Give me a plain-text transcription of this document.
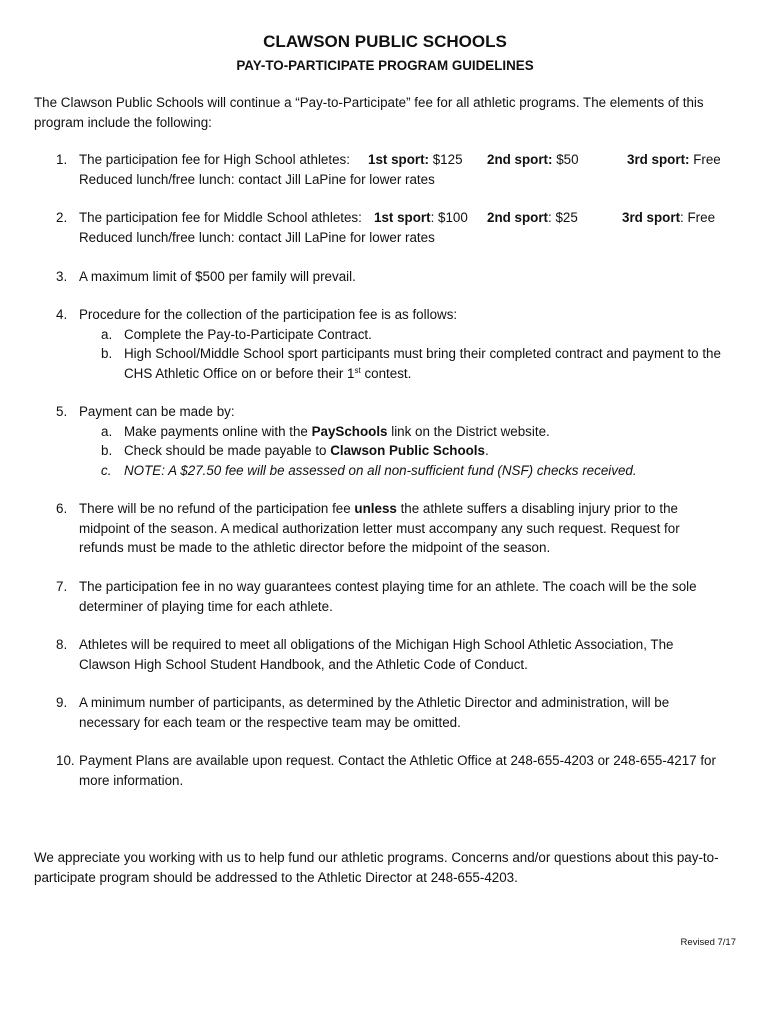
CLAWSON PUBLIC SCHOOLS
PAY-TO-PARTICIPATE PROGRAM GUIDELINES

The Clawson Public Schools will continue a “Pay-to-Participate” fee for all athletic programs. The elements of this program include the following:

1. The participation fee for High School athletes: 1st sport: $125 2nd sport: $50	3rd sport: Free
Reduced lunch/free lunch: contact Jill LaPine for lower rates
2. The participation fee for Middle School athletes: 1st sport: $100 2nd sport: $25	3rd sport: Free
Reduced lunch/free lunch: contact Jill LaPine for lower rates
3. A maximum limit of $500 per family will prevail.
4. Procedure for the collection of the participation fee is as follows:
a. Complete the Pay-to-Participate Contract.
b. High School/Middle School sport participants must bring their completed contract and payment to the CHS Athletic Office on or before their 1st contest.
5. Payment can be made by:
a. Make payments online with the PaySchools link on the District website.
b. Check should be made payable to Clawson Public Schools.
c. NOTE: A $27.50 fee will be assessed on all non-sufficient fund (NSF) checks received.
6. There will be no refund of the participation fee unless the athlete suffers a disabling injury prior to the midpoint of the season. A medical authorization letter must accompany any such request. Request for refunds must be made to the athletic director before the midpoint of the season.
7. The participation fee in no way guarantees contest playing time for an athlete. The coach will be the sole determiner of playing time for each athlete.
8. Athletes will be required to meet all obligations of the Michigan High School Athletic Association, The Clawson High School Student Handbook, and the Athletic Code of Conduct.
9. A minimum number of participants, as determined by the Athletic Director and administration, will be necessary for each team or the respective team may be omitted.
10. Payment Plans are available upon request. Contact the Athletic Office at 248-655-4203 or 248-655-4217 for more information.

We appreciate you working with us to help fund our athletic programs. Concerns and/or questions about this pay-to-participate program should be addressed to the Athletic Director at 248-655-4203.

Revised 7/17
